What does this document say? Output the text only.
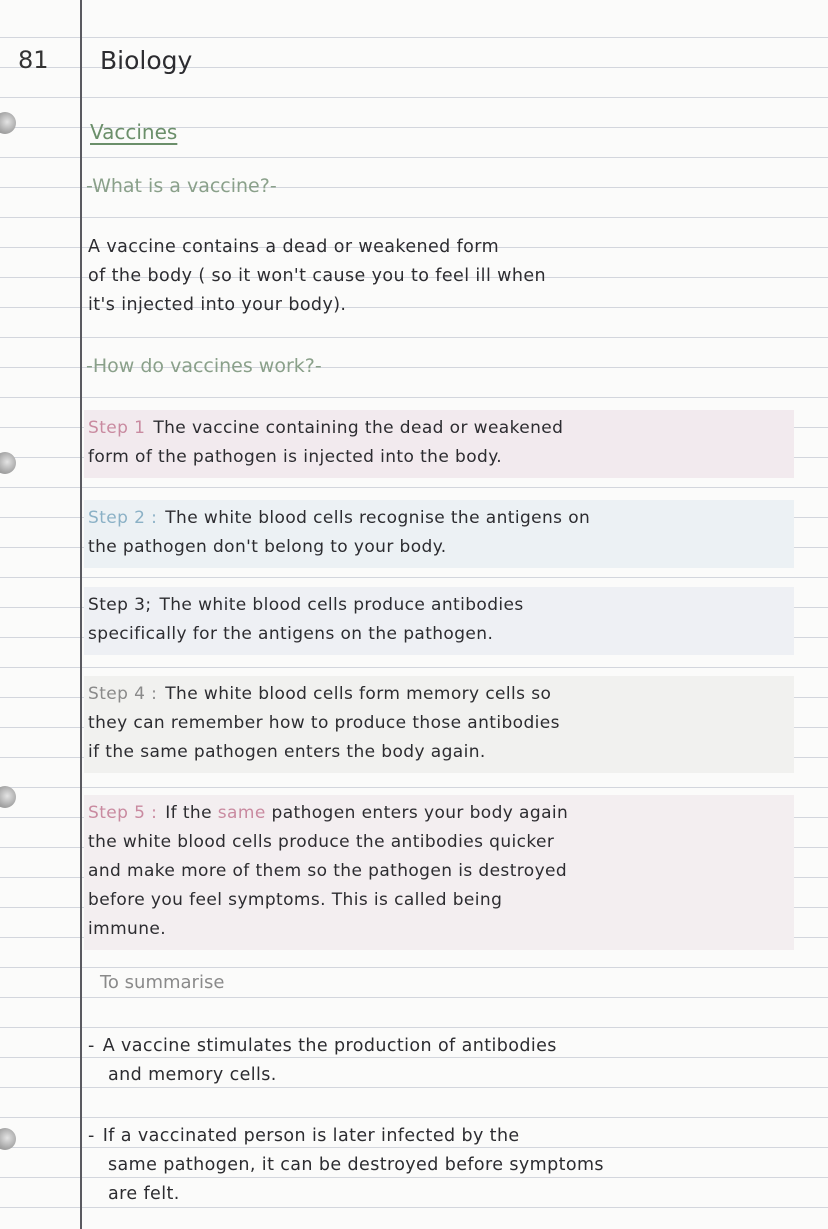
81 Biology
Vaccines
-What is a vaccine?-
A vaccine contains a dead or weakened form
of the body ( so it won't cause you to feel ill when
it's injected into your body).
-How do vaccines work?-
Step 1 The vaccine containing the dead or weakened
form of the pathogen is injected into the body.
Step 2 : The white blood cells recognise the antigens on
the pathogen don't belong to your body.
Step 3; The white blood cells produce antibodies
specifically for the antigens on the pathogen.
Step 4 : The white blood cells form memory cells so
they can remember how to produce those antibodies
if the same pathogen enters the body again.
Step 5 : If the same pathogen enters your body again
the white blood cells produce the antibodies quicker
and make more of them so the pathogen is destroyed
before you feel symptoms. This is called being
immune.
To summarise
- A vaccine stimulates the production of antibodies
and memory cells.
- If a vaccinated person is later infected by the
same pathogen, it can be destroyed before symptoms
are felt.
